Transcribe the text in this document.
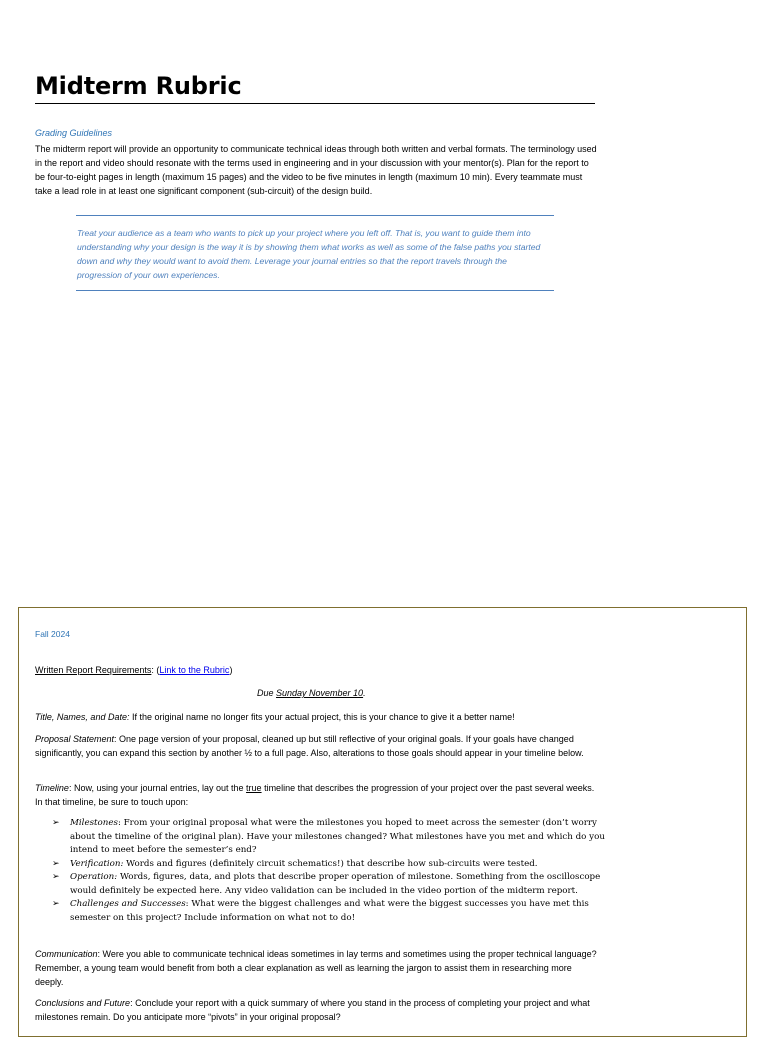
Midterm Rubric
Grading Guidelines

The midterm report will provide an opportunity to communicate technical ideas through both written and verbal formats. The terminology used in the report and video should resonate with the terms used in engineering and in your discussion with your mentor(s). Plan for the report to be four-to-eight pages in length (maximum 15 pages) and the video to be five minutes in length (maximum 10 min). Every teammate must take a lead role in at least one significant component (sub-circuit) of the design build.

Treat your audience as a team who wants to pick up your project where you left off. That is, you want to guide them into understanding why your design is the way it is by showing them what works as well as some of the false paths you started down and why they would want to avoid them. Leverage your journal entries so that the report travels through the progression of your own experiences.
Fall 2024
Written Report Requirements: (Link to the Rubric)
Due Sunday November 10.

Title, Names, and Date: If the original name no longer fits your actual project, this is your chance to give it a better name!

Proposal Statement: One page version of your proposal, cleaned up but still reflective of your original goals. If your goals have changed significantly, you can expand this section by another ½ to a full page. Also, alterations to those goals should appear in your timeline below.

Timeline: Now, using your journal entries, lay out the true timeline that describes the progression of your project over the past several weeks. In that timeline, be sure to touch upon:

➢ Milestones: From your original proposal what were the milestones you hoped to meet across the semester (don’t worry about the timeline of the original plan). Have your milestones changed? What milestones have you met and which do you intend to meet before the semester’s end?
➢ Verification: Words and figures (definitely circuit schematics!) that describe how sub-circuits were tested.
➢ Operation: Words, figures, data, and plots that describe proper operation of milestone. Something from the oscilloscope would definitely be expected here. Any video validation can be included in the video portion of the midterm report.
➢ Challenges and Successes: What were the biggest challenges and what were the biggest successes you have met this semester on this project? Include information on what not to do!

Communication: Were you able to communicate technical ideas sometimes in lay terms and sometimes using the proper technical language? Remember, a young team would benefit from both a clear explanation as well as learning the jargon to assist them in researching more deeply.

Conclusions and Future: Conclude your report with a quick summary of where you stand in the process of completing your project and what milestones remain. Do you anticipate more “pivots” in your original proposal?
